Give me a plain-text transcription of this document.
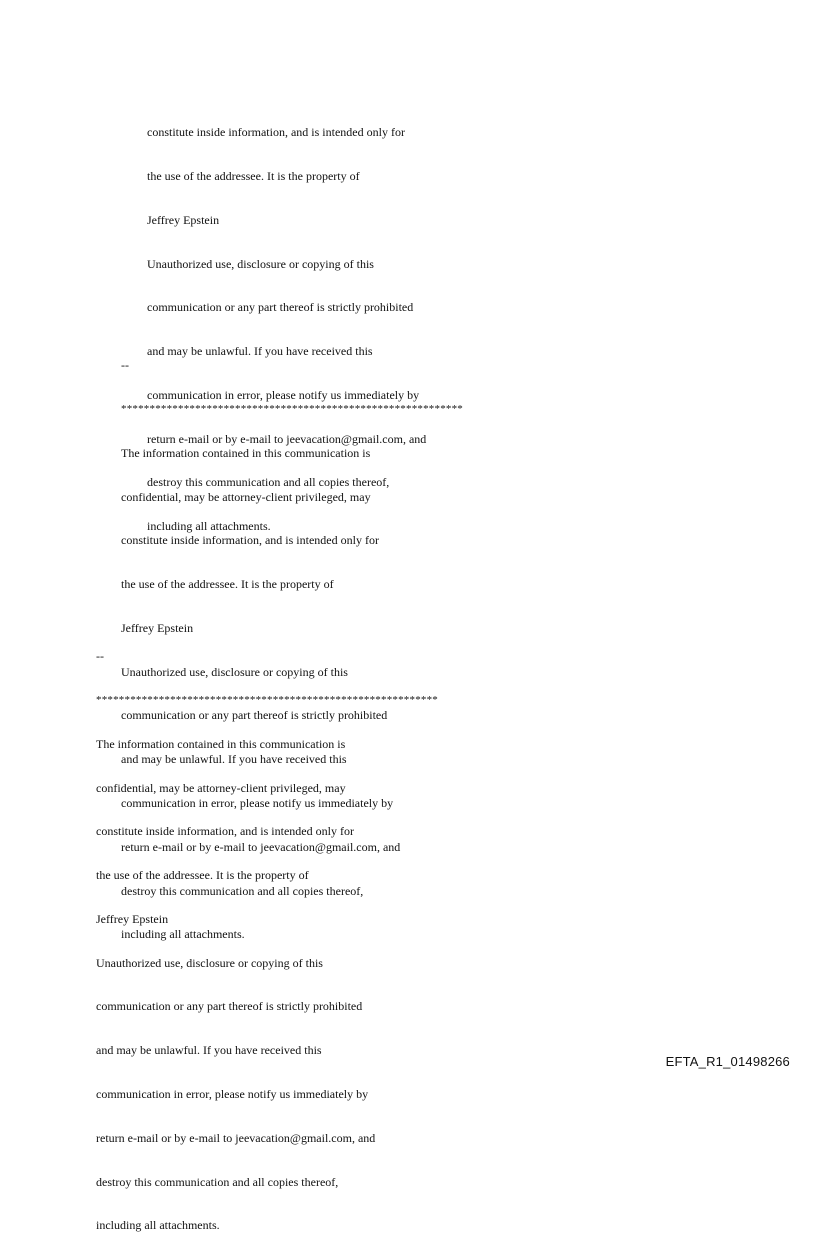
constitute inside information, and is intended only for

the use of the addressee. It is the property of

Jeffrey Epstein

Unauthorized use, disclosure or copying of this

communication or any part thereof is strictly prohibited

and may be unlawful. If you have received this

communication in error, please notify us immediately by

return e-mail or by e-mail to jeevacation@gmail.com, and

destroy this communication and all copies thereof,

including all attachments.

--

************************************************************

The information contained in this communication is

confidential, may be attorney-client privileged, may

constitute inside information, and is intended only for

the use of the addressee. It is the property of

Jeffrey Epstein

Unauthorized use, disclosure or copying of this

communication or any part thereof is strictly prohibited

and may be unlawful. If you have received this

communication in error, please notify us immediately by

return e-mail or by e-mail to jeevacation@gmail.com, and

destroy this communication and all copies thereof,

including all attachments.

--

************************************************************

The information contained in this communication is

confidential, may be attorney-client privileged, may

constitute inside information, and is intended only for

the use of the addressee. It is the property of

Jeffrey Epstein

Unauthorized use, disclosure or copying of this

communication or any part thereof is strictly prohibited

and may be unlawful. If you have received this

communication in error, please notify us immediately by

return e-mail or by e-mail to jeevacation@gmail.com, and

destroy this communication and all copies thereof,

including all attachments.

EFTA_R1_01498266
